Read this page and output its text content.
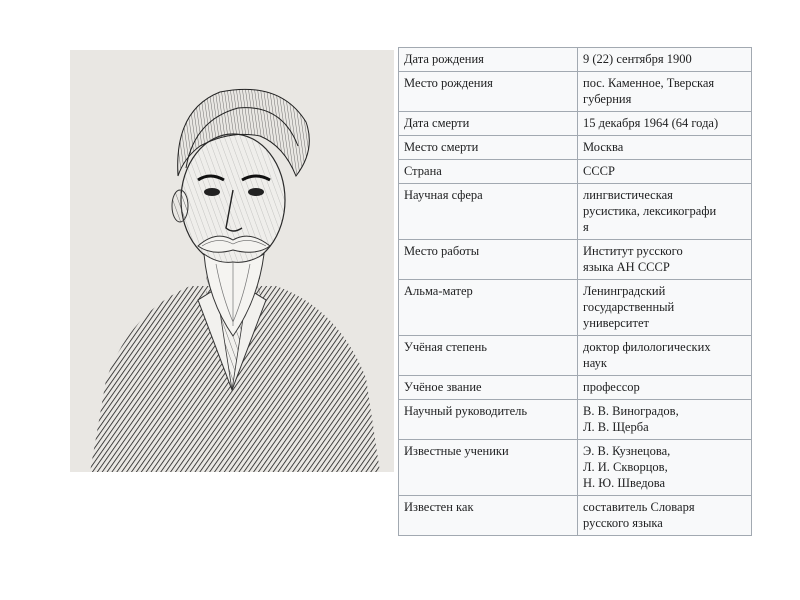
Дата рождения	9 (22) сентября 1900
Место рождения	пос. Каменное, Тверская
губерния
Дата смерти	15 декабря 1964 (64 года)
Место смерти	Москва
Страна	СССР
Научная сфера	лингвистическая
русистика, лексикографи
я
Место работы	Институт русского
языка АН СССР
Альма-матер	Ленинградский
государственный
университет
Учёная степень	доктор филологических
наук
Учёное звание	профессор
Научный руководитель	В. В. Виноградов,
Л. В. Щерба
Известные ученики	Э. В. Кузнецова,
Л. И. Скворцов,
Н. Ю. Шведова
Известен как	составитель Словаря
русского языка
